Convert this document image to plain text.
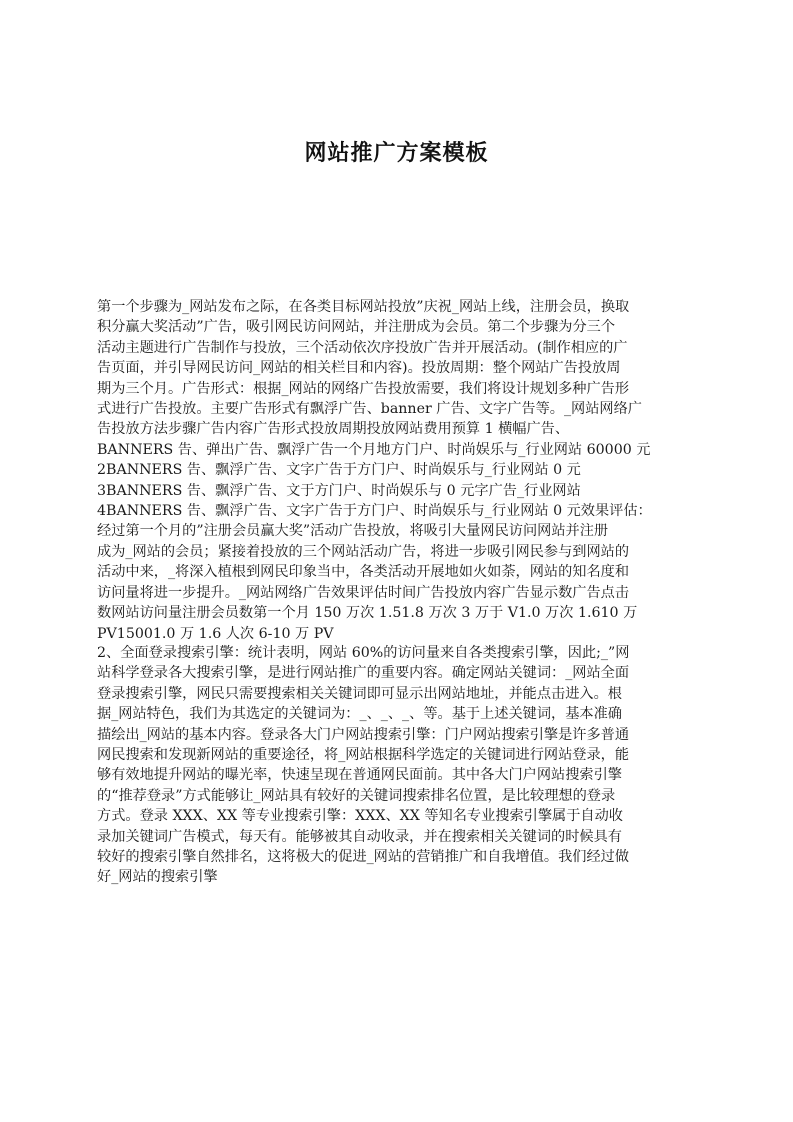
网站推广方案模板
第一个步骤为_网站发布之际，在各类目标网站投放”庆祝_网站上线，注册会员，换取
积分赢大奖活动”广告，吸引网民访问网站，并注册成为会员。第二个步骤为分三个
活动主题进行广告制作与投放，三个活动依次序投放广告并开展活动。(制作相应的广
告页面，并引导网民访问_网站的相关栏目和内容)。投放周期：整个网站广告投放周
期为三个月。广告形式：根据_网站的网络广告投放需要，我们将设计规划多种广告形
式进行广告投放。主要广告形式有飘浮广告、banner 广告、文字广告等。_网站网络广
告投放方法步骤广告内容广告形式投放周期投放网站费用预算 1 横幅广告、
BANNERS 告、弹出广告、飘浮广告一个月地方门户、时尚娱乐与_行业网站 60000 元
2BANNERS 告、飘浮广告、文字广告于方门户、时尚娱乐与_行业网站 0 元
3BANNERS 告、飘浮广告、文于方门户、时尚娱乐与 0 元字广告_行业网站
4BANNERS 告、飘浮广告、文字广告于方门户、时尚娱乐与_行业网站 0 元效果评估：
经过第一个月的”注册会员赢大奖”活动广告投放，将吸引大量网民访问网站并注册
成为_网站的会员；紧接着投放的三个网站活动广告，将进一步吸引网民参与到网站的
活动中来，_将深入植根到网民印象当中，各类活动开展地如火如荼，网站的知名度和
访问量将进一步提升。_网站网络广告效果评估时间广告投放内容广告显示数广告点击
数网站访问量注册会员数第一个月 150 万次 1.51.8 万次 3 万于 V1.0 万次 1.610 万
PV15001.0 万 1.6 人次 6-10 万 PV
2、全面登录搜索引擎：统计表明，网站 60%的访问量来自各类搜索引擎，因此;_”网
站科学登录各大搜索引擎，是进行网站推广的重要内容。确定网站关键词：_网站全面
登录搜索引擎，网民只需要搜索相关关键词即可显示出网站地址，并能点击进入。根
据_网站特色，我们为其选定的关键词为：_、_、_、等。基于上述关键词，基本准确
描绘出_网站的基本内容。登录各大门户网站搜索引擎：门户网站搜索引擎是许多普通
网民搜索和发现新网站的重要途径，将_网站根据科学选定的关键词进行网站登录，能
够有效地提升网站的曝光率，快速呈现在普通网民面前。其中各大门户网站搜索引擎
的“推荐登录”方式能够让_网站具有较好的关键词搜索排名位置，是比较理想的登录
方式。登录 XXX、XX 等专业搜索引擎：XXX、XX 等知名专业搜索引擎属于自动收
录加关键词广告模式，每天有。能够被其自动收录，并在搜索相关关键词的时候具有
较好的搜索引擎自然排名，这将极大的促进_网站的营销推广和自我增值。我们经过做
好_网站的搜索引擎
